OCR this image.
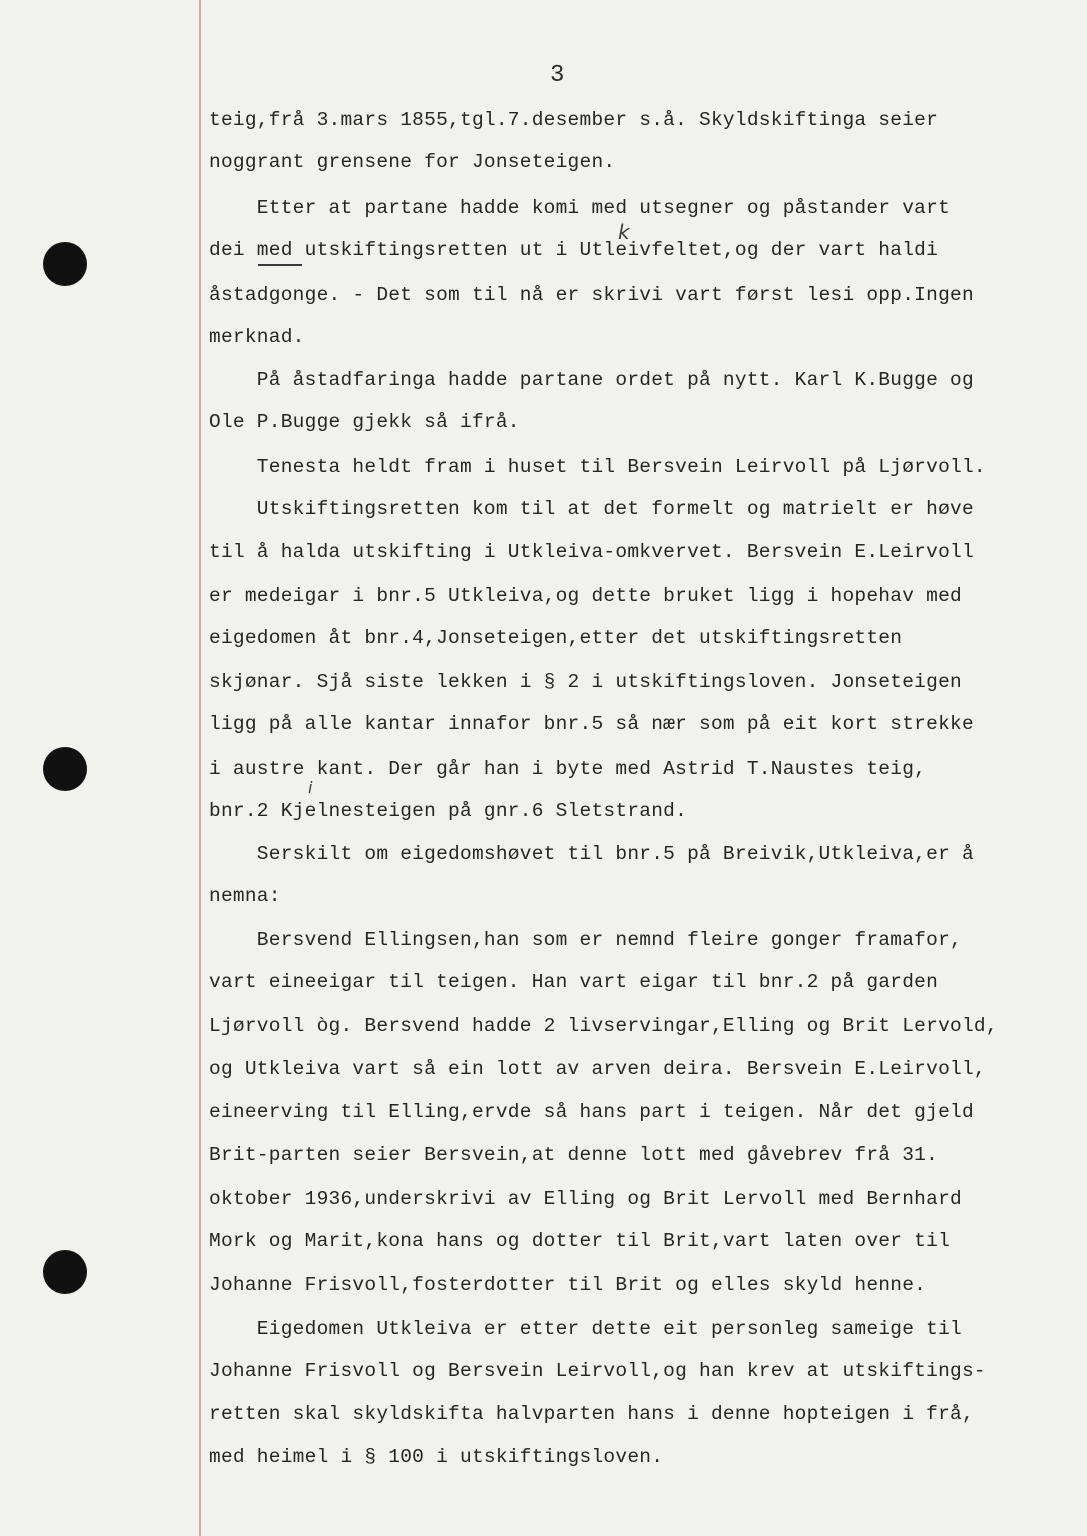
3
teig,frå 3.mars 1855,tgl.7.desember s.å. Skyldskiftinga seier
noggrant grensene for Jonseteigen.
Etter at partane hadde komi med utsegner og påstander vart
dei med utskiftingsretten ut i Utleivfeltet,og der vart haldi
åstadgonge. - Det som til nå er skrivi vart først lesi opp.Ingen
merknad.
På åstadfaringa hadde partane ordet på nytt. Karl K.Bugge og
Ole P.Bugge gjekk så ifrå.
Tenesta heldt fram i huset til Bersvein Leirvoll på Ljørvoll.
Utskiftingsretten kom til at det formelt og matrielt er høve
til å halda utskifting i Utkleiva-omkvervet. Bersvein E.Leirvoll
er medeigar i bnr.5 Utkleiva,og dette bruket ligg i hopehav med
eigedomen åt bnr.4,Jonseteigen,etter det utskiftingsretten
skjønar. Sjå siste lekken i § 2 i utskiftingsloven. Jonseteigen
ligg på alle kantar innafor bnr.5 så nær som på eit kort strekke
i austre kant. Der går han i byte med Astrid T.Naustes teig,
bnr.2 Kjelnesteigen på gnr.6 Sletstrand.
Serskilt om eigedomshøvet til bnr.5 på Breivik,Utkleiva,er å
nemna:
Bersvend Ellingsen,han som er nemnd fleire gonger framafor,
vart eineeigar til teigen. Han vart eigar til bnr.2 på garden
Ljørvoll òg. Bersvend hadde 2 livservingar,Elling og Brit Lervold,
og Utkleiva vart så ein lott av arven deira. Bersvein E.Leirvoll,
eineerving til Elling,ervde så hans part i teigen. Når det gjeld
Brit-parten seier Bersvein,at denne lott med gåvebrev frå 31.
oktober 1936,underskrivi av Elling og Brit Lervoll med Bernhard
Mork og Marit,kona hans og dotter til Brit,vart laten over til
Johanne Frisvoll,fosterdotter til Brit og elles skyld henne.
Eigedomen Utkleiva er etter dette eit personleg sameige til
Johanne Frisvoll og Bersvein Leirvoll,og han krev at utskiftings-
retten skal skyldskifta halvparten hans i denne hopteigen i frå,
med heimel i § 100 i utskiftingsloven.
k
i
